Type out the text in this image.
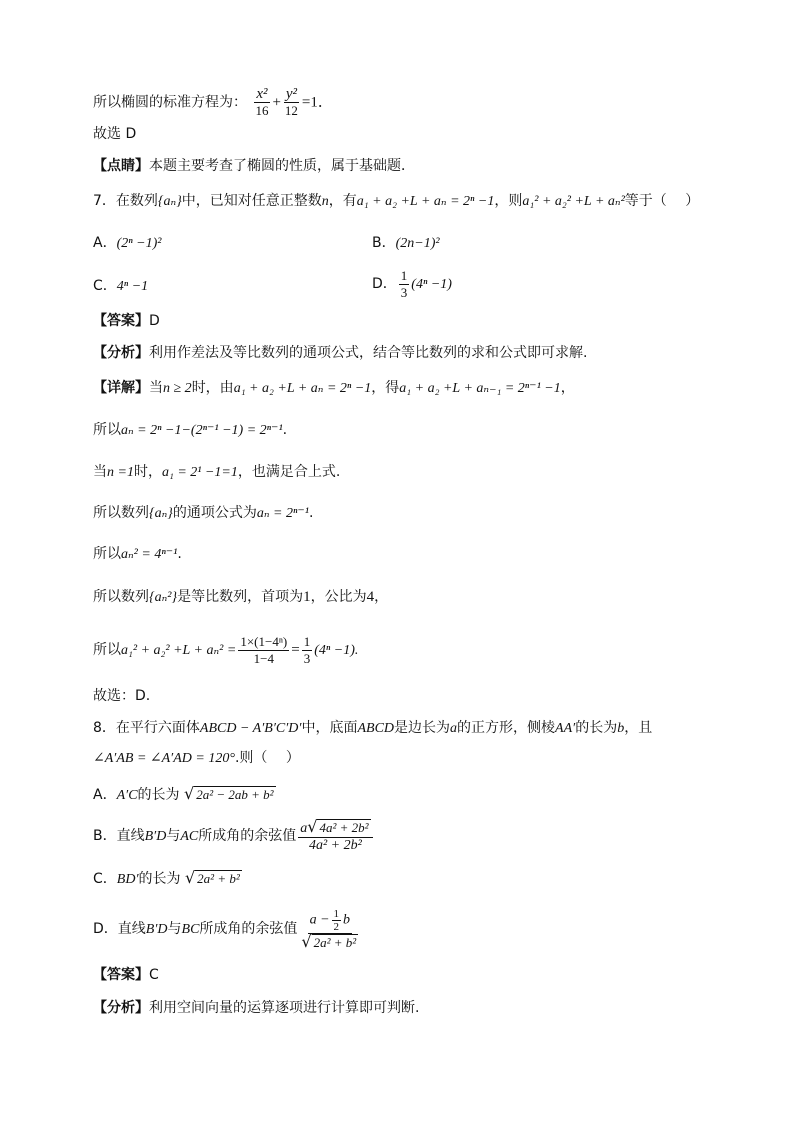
所以椭圆的标准方程为： $\frac{\text{x²}}{16} + \frac{\text{y²}}{12} =1$．
故选 D
【点睛】本题主要考查了椭圆的性质，属于基础题．
7．在数列{aₙ}中，已知对任意正整数n，有a₁ + a₂ +L + aₙ = 2ⁿ −1，则a₁² + a₂² +L + aₙ²等于（　 ）
A．(2ⁿ −1)²	B．(2n−1)²
C．4ⁿ −1	D． $\frac{1}{3} (4^n -1)$
【答案】D
【分析】利用作差法及等比数列的通项公式，结合等比数列的求和公式即可求解.
【详解】当n ≥ 2时，由a₁ + a₂ +L + aₙ = 2ⁿ −1，得a₁ + a₂ +L + aₙ₋₁ = 2ⁿ⁻¹ −1，
所以aₙ = 2ⁿ −1−(2ⁿ⁻¹ −1) = 2ⁿ⁻¹.
当n =1时，a₁ = 2¹ −1=1，也满足合上式.
所以数列{aₙ}的通项公式为aₙ = 2ⁿ⁻¹.
所以aₙ² = 4ⁿ⁻¹.
所以数列{aₙ²}是等比数列，首项为1，公比为4，
所以$a_1^2 + a_2^2 +L + a_n^2 = \frac{\text{1×(1−4ⁿ)}}{1-4} = \frac{1}{3} (4^n -1)$.
故选：D.
8．在平行六面体ABCD − A′B′C′D′中，底面ABCD是边长为a的正方形，侧棱AA′的长为b，且
∠A′AB = ∠A′AD = 120°.则（　 ）
A．A′C的长为 √ 2a² − 2ab + b²
B．直线B′D与AC所成角的余弦值 $\frac{\text{a√ 4a² + 2b²}}{\text{4a² + 2b²}}$
C．BD′的长为 √ 2a² + b²
D．直线B′D与BC所成角的余弦值 $\frac{a - \frac{1}{2} b}{\text{√ 2a² + b²}}$
【答案】C
【分析】利用空间向量的运算逐项进行计算即可判断.
